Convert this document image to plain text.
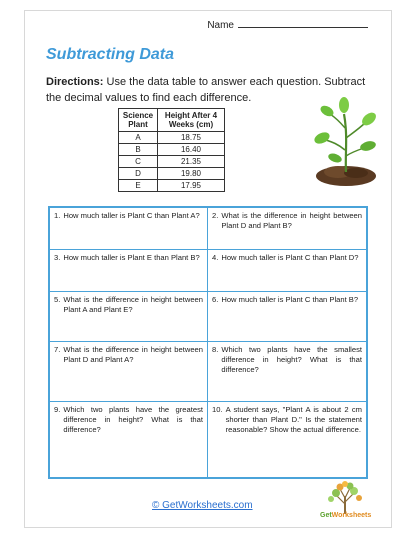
Name
Subtracting Data
Directions: Use the data table to answer each question. Subtract the decimal values to find each difference.
Science Plant	Height After 4 Weeks (cm)
A	18.75
B	16.40
C	21.35
D	19.80
E	17.95
1. How much taller is Plant C than Plant A?	2. What is the difference in height between Plant D and Plant B?
3. How much taller is Plant E than Plant B?	4. How much taller is Plant C than Plant D?
5. What is the difference in height between Plant A and Plant E?
6. How much taller is Plant C than Plant B?
7. What is the difference in height between Plant D and Plant A?
8. Which two plants have the smallest difference in height? What is that difference?
9. Which two plants have the greatest difference in height? What is that difference?
10. A student says, "Plant A is about 2 cm shorter than Plant D." Is the statement reasonable? Show the actual difference.
© GetWorksheets.com
GetWorksheets
